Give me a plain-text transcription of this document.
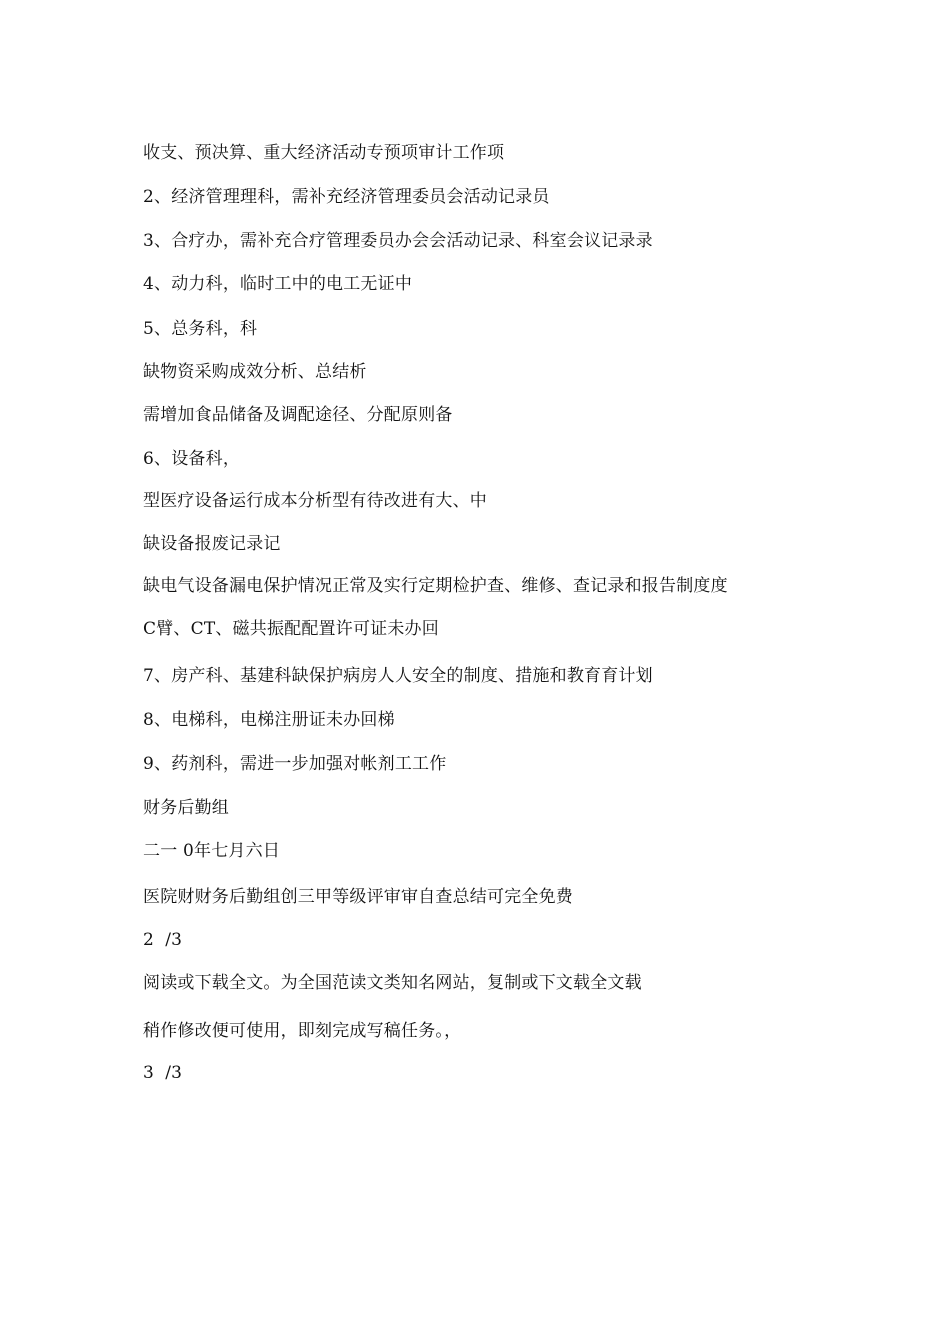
收支、预决算、重大经济活动专预项审计工作项
2、经济管理理科，需补充经济管理委员会活动记录员
3、合疗办，需补充合疗管理委员办会会活动记录、科室会议记录录
4、动力科，临时工中的电工无证中
5、总务科，科
缺物资采购成效分析、总结析
需增加食品储备及调配途径、分配原则备
6、设备科，
型医疗设备运行成本分析型有待改进有大、中
缺设备报废记录记
缺电气设备漏电保护情况正常及实行定期检护查、维修、查记录和报告制度度
C臂、CT、磁共振配配置许可证未办回
7、房产科、基建科缺保护病房人人安全的制度、措施和教育育计划
8、电梯科，电梯注册证未办回梯
9、药剂科，需进一步加强对帐剂工工作
财务后勤组
二一 0年七月六日
医院财财务后勤组创三甲等级评审审自查总结可完全免费
2  /3
阅读或下载全文。为全国范读文类知名网站，复制或下文载全文载
稍作修改便可使用，即刻完成写稿任务。，
3  /3
